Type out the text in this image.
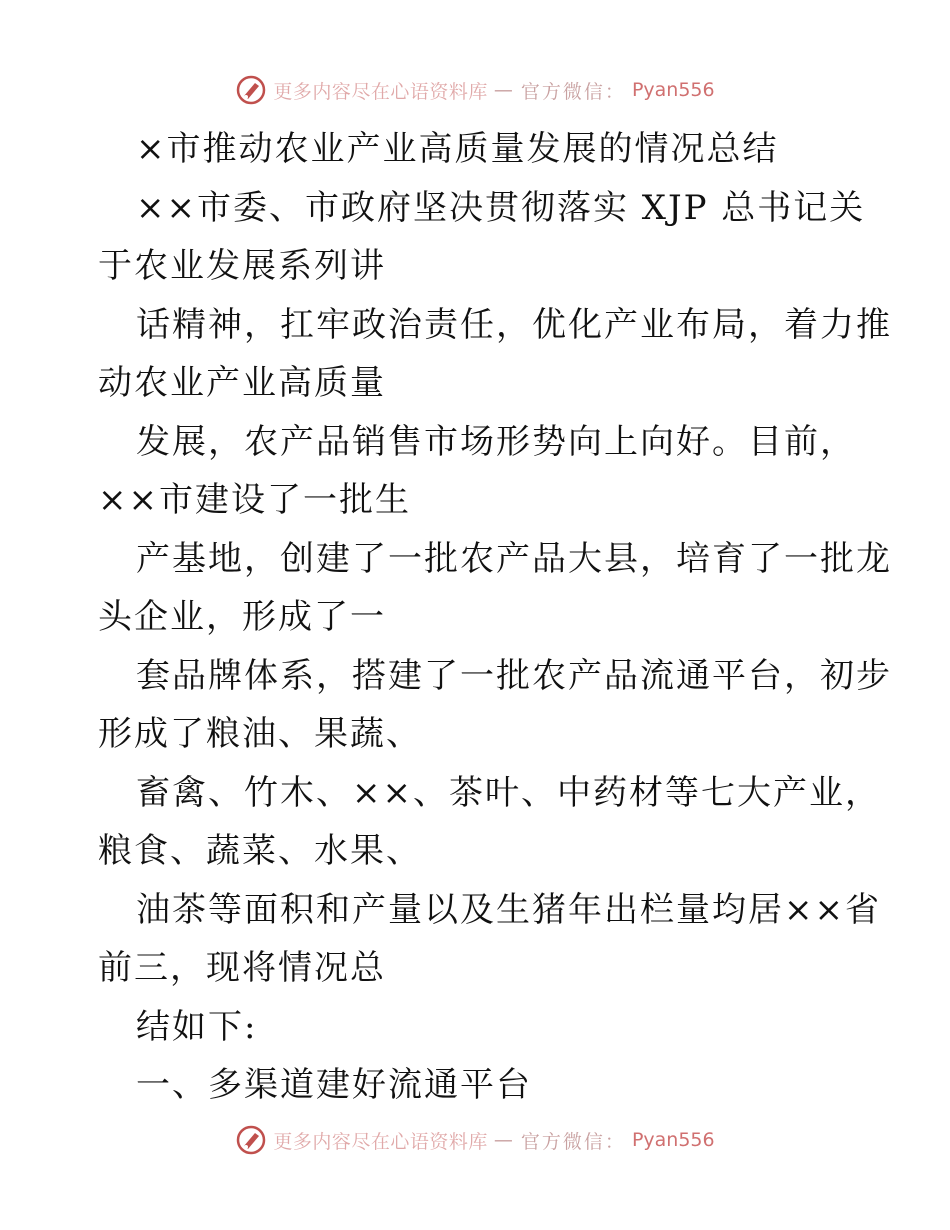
更多内容尽在心语资料库 — 官方微信： Pyan556
×市推动农业产业高质量发展的情况总结
××市委、市政府坚决贯彻落实 XJP 总书记关
于农业发展系列讲
话精神，扛牢政治责任，优化产业布局，着力推
动农业产业高质量
发展，农产品销售市场形势向上向好。目前，
××市建设了一批生
产基地，创建了一批农产品大县，培育了一批龙
头企业，形成了一
套品牌体系，搭建了一批农产品流通平台，初步
形成了粮油、果蔬、
畜禽、竹木、××、茶叶、中药材等七大产业，
粮食、蔬菜、水果、
油茶等面积和产量以及生猪年出栏量均居××省
前三，现将情况总
结如下:
一、多渠道建好流通平台
更多内容尽在心语资料库 — 官方微信： Pyan556
